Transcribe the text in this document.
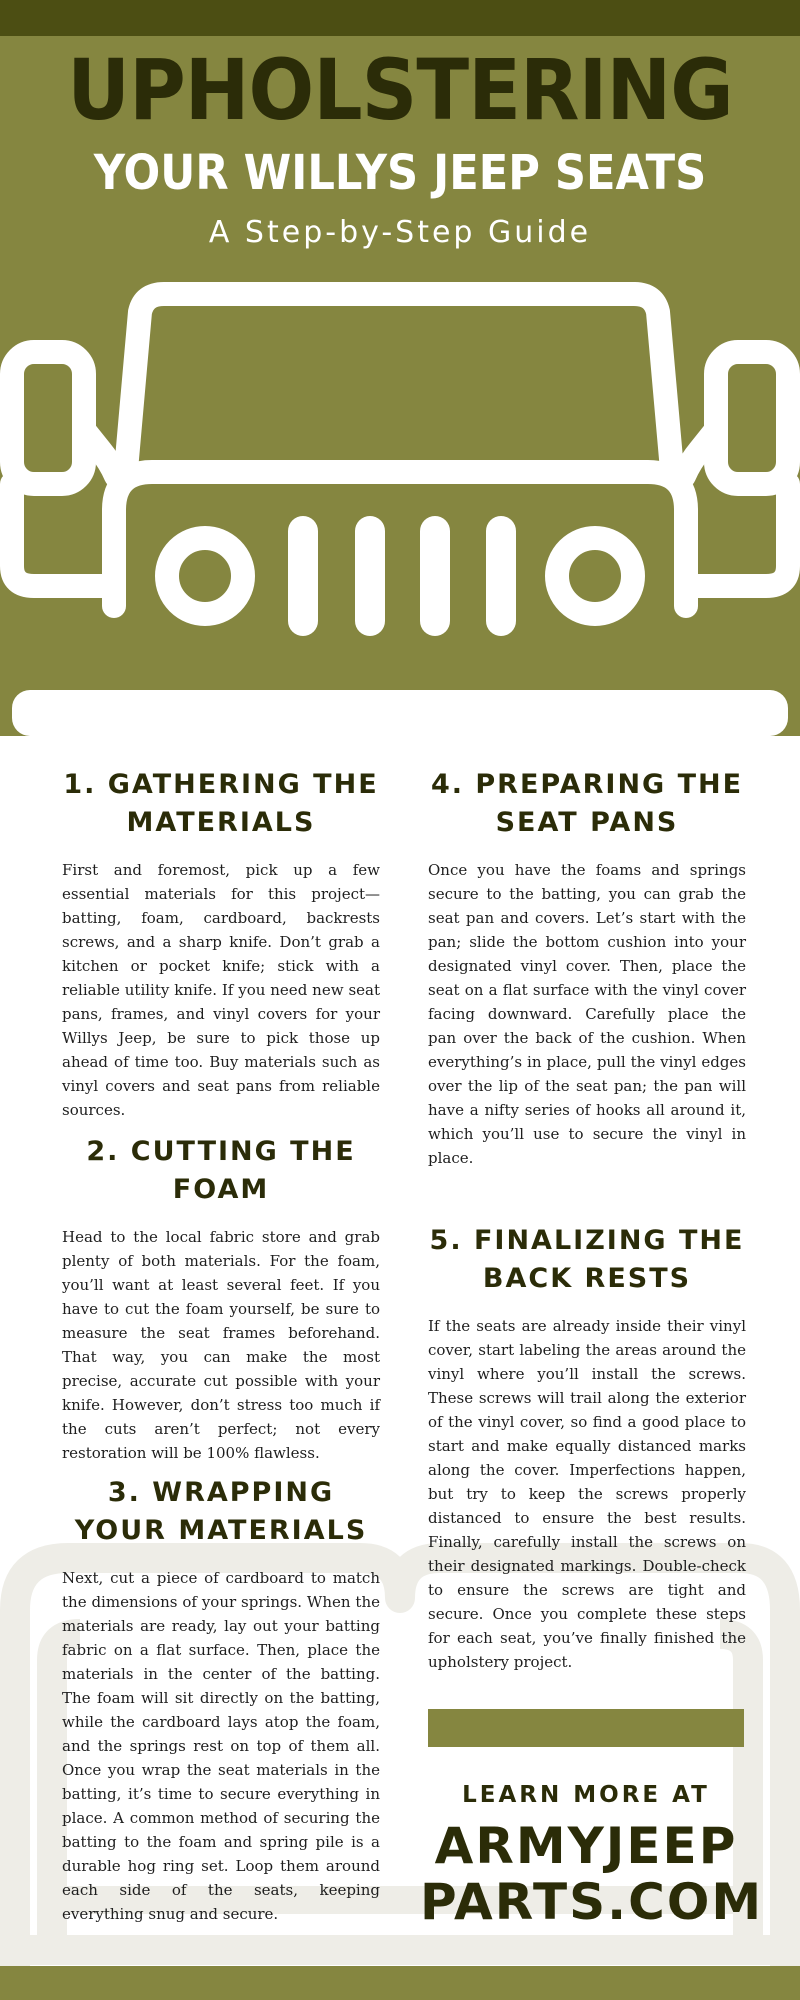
UPHOLSTERING
YOUR WILLYS JEEP SEATS
A Step-by-Step Guide
1. GATHERING THE MATERIALS

First and foremost, pick up a few essential materials for this project—batting, foam, cardboard, backrests screws, and a sharp knife. Don’t grab a kitchen or pocket knife; stick with a reliable utility knife. If you need new seat pans, frames, and vinyl covers for your Willys Jeep, be sure to pick those up ahead of time too. Buy materials such as vinyl covers and seat pans from reliable sources.

2. CUTTING THE FOAM

Head to the local fabric store and grab plenty of both materials. For the foam, you’ll want at least several feet. If you have to cut the foam yourself, be sure to measure the seat frames beforehand. That way, you can make the most precise, accurate cut possible with your knife. However, don’t stress too much if the cuts aren’t perfect; not every restoration will be 100% flawless.

3. WRAPPING YOUR MATERIALS

Next, cut a piece of cardboard to match the dimensions of your springs. When the materials are ready, lay out your batting fabric on a flat surface. Then, place the materials in the center of the batting. The foam will sit directly on the batting, while the cardboard lays atop the foam, and the springs rest on top of them all. Once you wrap the seat materials in the batting, it’s time to secure everything in place. A common method of securing the batting to the foam and spring pile is a durable hog ring set. Loop them around each side of the seats, keeping everything snug and secure.

4. PREPARING THE SEAT PANS

Once you have the foams and springs secure to the batting, you can grab the seat pan and covers. Let’s start with the pan; slide the bottom cushion into your designated vinyl cover. Then, place the seat on a flat surface with the vinyl cover facing downward. Carefully place the pan over the back of the cushion. When everything’s in place, pull the vinyl edges over the lip of the seat pan; the pan will have a nifty series of hooks all around it, which you’ll use to secure the vinyl in place.

5. FINALIZING THE BACK RESTS

If the seats are already inside their vinyl cover, start labeling the areas around the vinyl where you’ll install the screws. These screws will trail along the exterior of the vinyl cover, so find a good place to start and make equally distanced marks along the cover. Imperfections happen, but try to keep the screws properly distanced to ensure the best results. Finally, carefully install the screws on their designated markings. Double-check to ensure the screws are tight and secure. Once you complete these steps for each seat, you’ve finally finished the upholstery project.

LEARN MORE AT
ARMYJEEP
PARTS.COM
